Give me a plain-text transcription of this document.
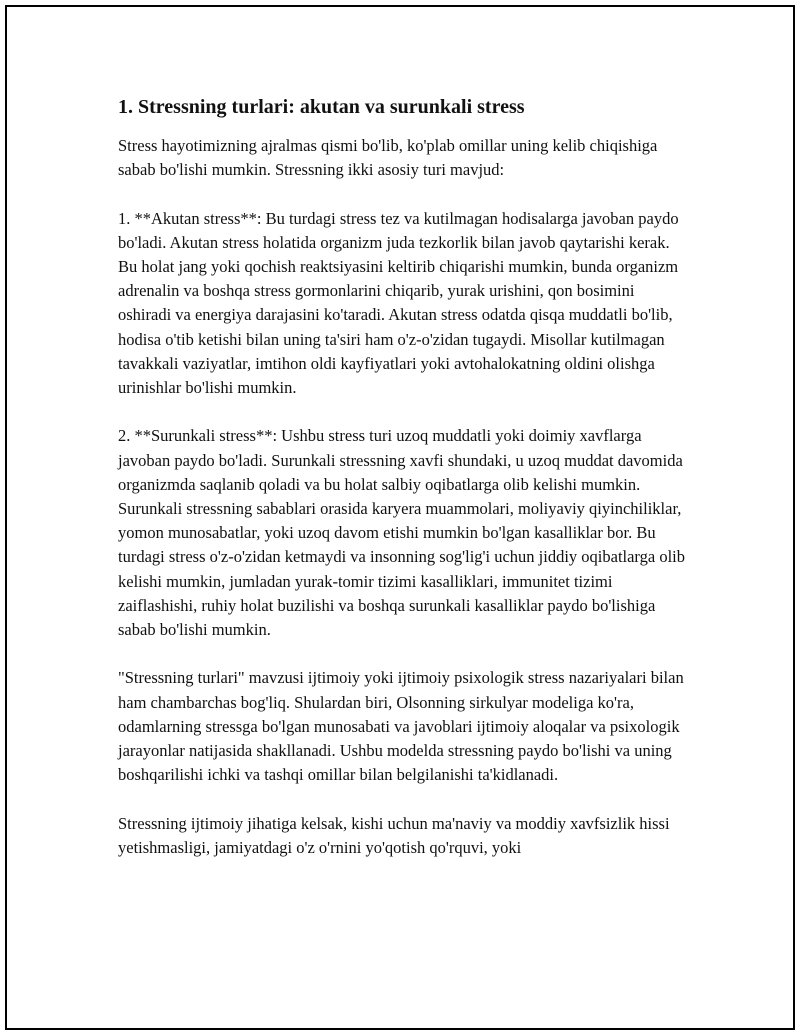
1. Stressning turlari: akutan va surunkali stress

Stress hayotimizning ajralmas qismi bo'lib, ko'plab omillar uning kelib chiqishiga sabab bo'lishi mumkin. Stressning ikki asosiy turi mavjud:

1. **Akutan stress**: Bu turdagi stress tez va kutilmagan hodisalarga javoban paydo bo'ladi. Akutan stress holatida organizm juda tezkorlik bilan javob qaytarishi kerak. Bu holat jang yoki qochish reaktsiyasini keltirib chiqarishi mumkin, bunda organizm adrenalin va boshqa stress gormonlarini chiqarib, yurak urishini, qon bosimini oshiradi va energiya darajasini ko'taradi. Akutan stress odatda qisqa muddatli bo'lib, hodisa o'tib ketishi bilan uning ta'siri ham o'z-o'zidan tugaydi. Misollar kutilmagan tavakkali vaziyatlar, imtihon oldi kayfiyatlari yoki avtohalokatning oldini olishga urinishlar bo'lishi mumkin.

2. **Surunkali stress**: Ushbu stress turi uzoq muddatli yoki doimiy xavflarga javoban paydo bo'ladi. Surunkali stressning xavfi shundaki, u uzoq muddat davomida organizmda saqlanib qoladi va bu holat salbiy oqibatlarga olib kelishi mumkin. Surunkali stressning sabablari orasida karyera muammolari, moliyaviy qiyinchiliklar, yomon munosabatlar, yoki uzoq davom etishi mumkin bo'lgan kasalliklar bor. Bu turdagi stress o'z-o'zidan ketmaydi va insonning sog'lig'i uchun jiddiy oqibatlarga olib kelishi mumkin, jumladan yurak-tomir tizimi kasalliklari, immunitet tizimi zaiflashishi, ruhiy holat buzilishi va boshqa surunkali kasalliklar paydo bo'lishiga sabab bo'lishi mumkin.

"Stressning turlari" mavzusi ijtimoiy yoki ijtimoiy psixologik stress nazariyalari bilan ham chambarchas bog'liq. Shulardan biri, Olsonning sirkulyar modeliga ko'ra, odamlarning stressga bo'lgan munosabati va javoblari ijtimoiy aloqalar va psixologik jarayonlar natijasida shakllanadi. Ushbu modelda stressning paydo bo'lishi va uning boshqarilishi ichki va tashqi omillar bilan belgilanishi ta'kidlanadi.

Stressning ijtimoiy jihatiga kelsak, kishi uchun ma'naviy va moddiy xavfsizlik hissi yetishmasligi, jamiyatdagi o'z o'rnini yo'qotish qo'rquvi, yoki
